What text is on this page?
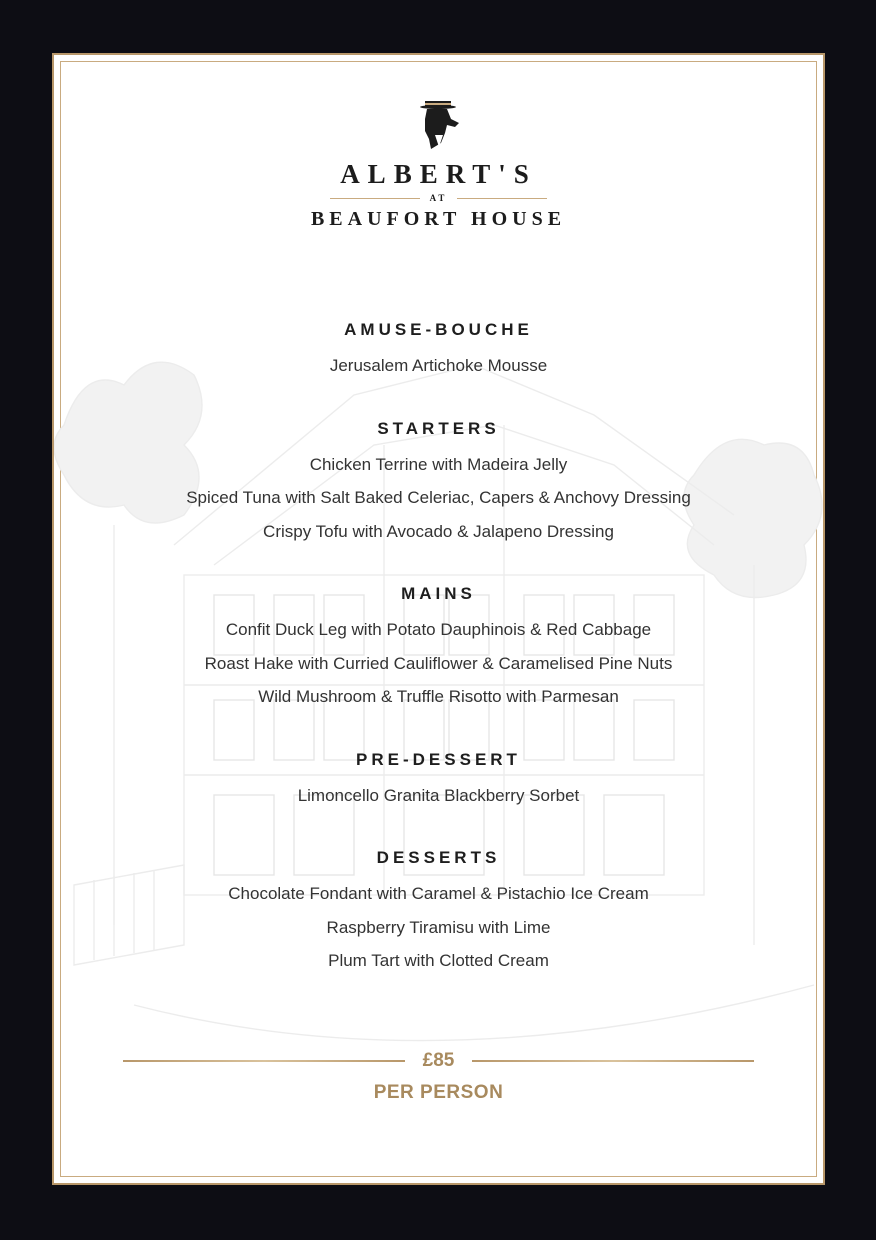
ALBERT'S
AT
BEAUFORT HOUSE
AMUSE-BOUCHE
Jerusalem Artichoke Mousse
STARTERS
Chicken Terrine with Madeira Jelly
Spiced Tuna with Salt Baked Celeriac, Capers & Anchovy Dressing
Crispy Tofu with Avocado & Jalapeno Dressing
MAINS
Confit Duck Leg with Potato Dauphinois & Red Cabbage
Roast Hake with Curried Cauliflower & Caramelised Pine Nuts
Wild Mushroom & Truffle Risotto with Parmesan
PRE-DESSERT
Limoncello Granita Blackberry Sorbet
DESSERTS
Chocolate Fondant with Caramel & Pistachio Ice Cream
Raspberry Tiramisu with Lime
Plum Tart with Clotted Cream
£85
PER PERSON
